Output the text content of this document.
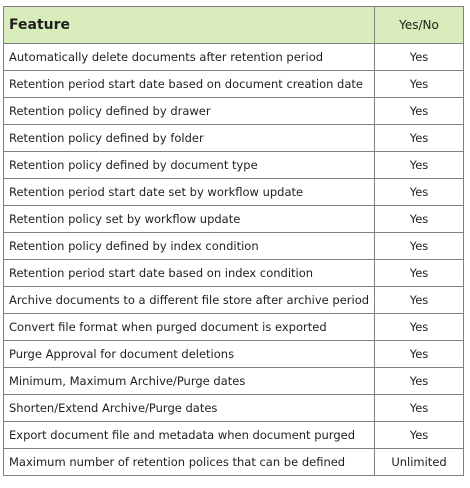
Feature	Yes/No
Automatically delete documents after retention period	Yes
Retention period start date based on document creation date	Yes
Retention policy defined by drawer	Yes
Retention policy defined by folder	Yes
Retention policy defined by document type	Yes
Retention period start date set by workflow update	Yes
Retention policy set by workflow update	Yes
Retention policy defined by index condition	Yes
Retention period start date based on index condition	Yes
Archive documents to a different file store after archive period	Yes
Convert file format when purged document is exported	Yes
Purge Approval for document deletions	Yes
Minimum, Maximum Archive/Purge dates	Yes
Shorten/Extend Archive/Purge dates	Yes
Export document file and metadata when document purged	Yes
Maximum number of retention polices that can be defined	Unlimited
